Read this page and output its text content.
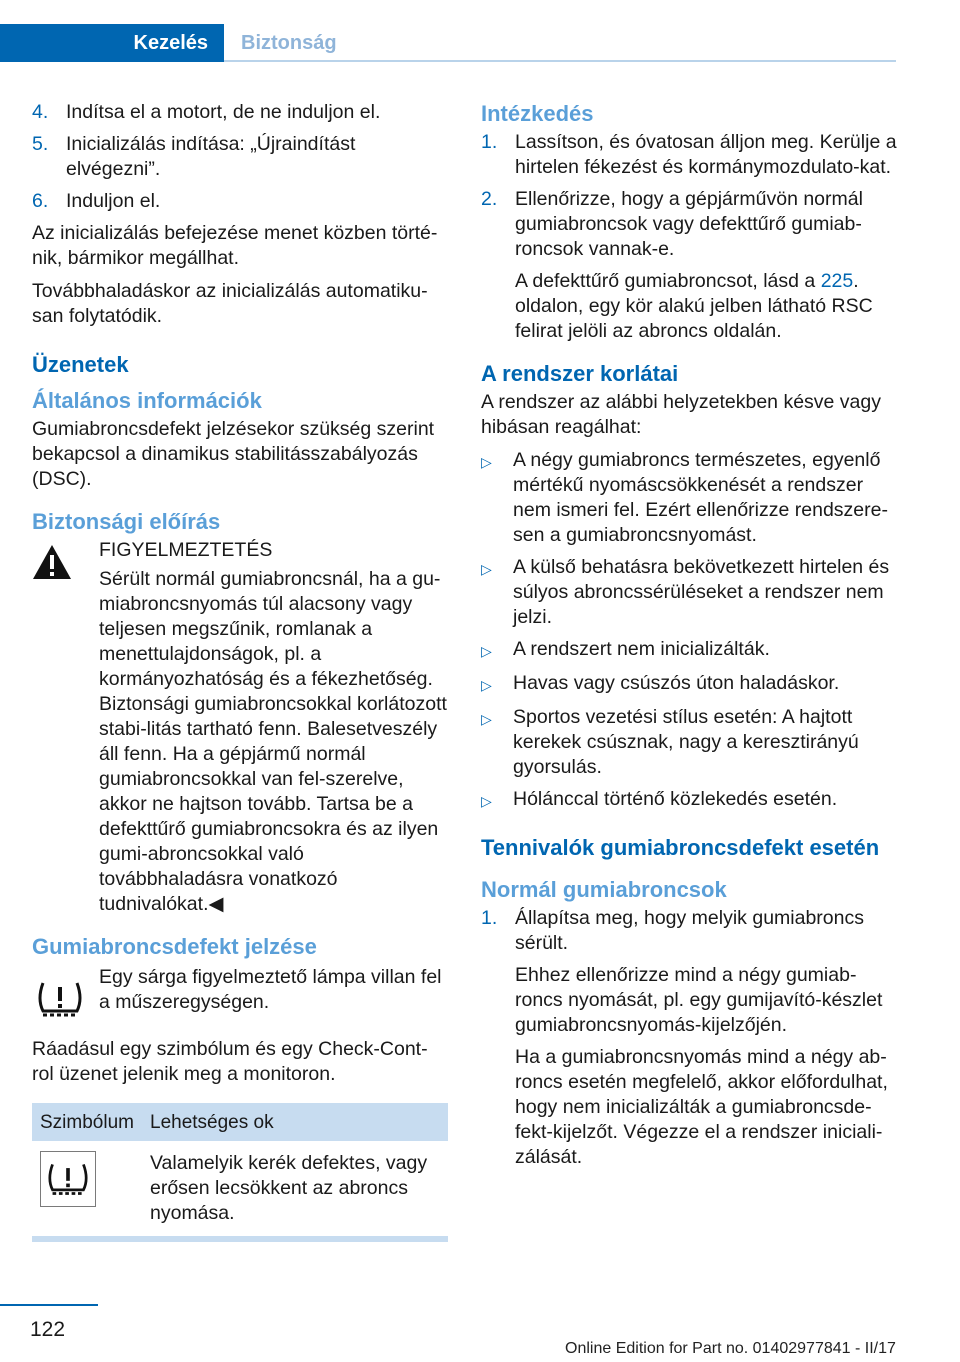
Kezelés	Biztonság
4. Indítsa el a motort, de ne induljon el.
5. Inicializálás indítása: „Újraindítást elvégezni”.
6. Induljon el.

Az inicializálás befejezése menet közben törté‐nik, bármikor megállhat.

Továbbhaladáskor az inicializálás automatiku‐san folytatódik.

Üzenetek
Általános információk

Gumiabroncsdefekt jelzésekor szükség szerint bekapcsol a dinamikus stabilitásszabályozás (DSC).

Biztonsági előírás

FIGYELMEZTETÉS

Sérült normál gumiabroncsnál, ha a gu‐miabroncsnyomás túl alacsony vagy teljesen megszűnik, romlanak a menettulajdonságok, pl. a kormányozhatóság és a fékezhetőség. Biztonsági gumiabroncsokkal korlátozott stabi‐litás tartható fenn. Balesetveszély áll fenn. Ha a gépjármű normál gumiabroncsokkal van fel‐szerelve, akkor ne hajtson tovább. Tartsa be a defekttűrő gumiabroncsokra és az ilyen gumi‐abroncsokkal való továbbhaladásra vonatkozó tudnivalókat.◀

Gumiabroncsdefekt jelzése

Egy sárga figyelmeztető lámpa villan fel a műszeregységen.

Ráadásul egy szimbólum és egy Check-Cont‐rol üzenet jelenik meg a monitoron.

Szimbólum	Lehetséges ok

	Valamelyik kerék defektes, vagy erősen lecsökkent az abroncs nyomása.
Intézkedés
1. Lassítson, és óvatosan álljon meg. Kerülje a hirtelen fékezést és kormánymozdulato‐kat.
2. Ellenőrizze, hogy a gépjárművön normál gumiabroncsok vagy defekttűrő gumiab‐roncsok vannak-e.

A defekttűrő gumiabroncsot, lásd a 225. oldalon, egy kör alakú jelben látható RSC felirat jelöli az abroncs oldalán.

A rendszer korlátai

A rendszer az alábbi helyzetekben késve vagy hibásan reagálhat:

▷	A négy gumiabroncs természetes, egyenlő mértékű nyomáscsökkenését a rendszer nem ismeri fel. Ezért ellenőrizze rendszere‐sen a gumiabroncsnyomást.
▷	A külső behatásra bekövetkezett hirtelen és súlyos abroncssérüléseket a rendszer nem jelzi.
▷	A rendszert nem inicializálták.
▷	Havas vagy csúszós úton haladáskor.
▷	Sportos vezetési stílus esetén: A hajtott kerekek csúsznak, nagy a keresztirányú gyorsulás.
▷	Hólánccal történő közlekedés esetén.
Tennivalók gumiabroncsdefekt esetén
Normál gumiabroncsok
1. Állapítsa meg, hogy melyik gumiabroncs sérült.

Ehhez ellenőrizze mind a négy gumiab‐roncs nyomását, pl. egy gumijavító-készlet gumiabroncsnyomás-kijelzőjén.

Ha a gumiabroncsnyomás mind a négy ab‐roncs esetén megfelelő, akkor előfordulhat, hogy nem inicializálták a gumiabroncsde‐fekt-kijelzőt. Végezze el a rendszer iniciali‐zálását.

122
Online Edition for Part no. 01402977841 - II/17
